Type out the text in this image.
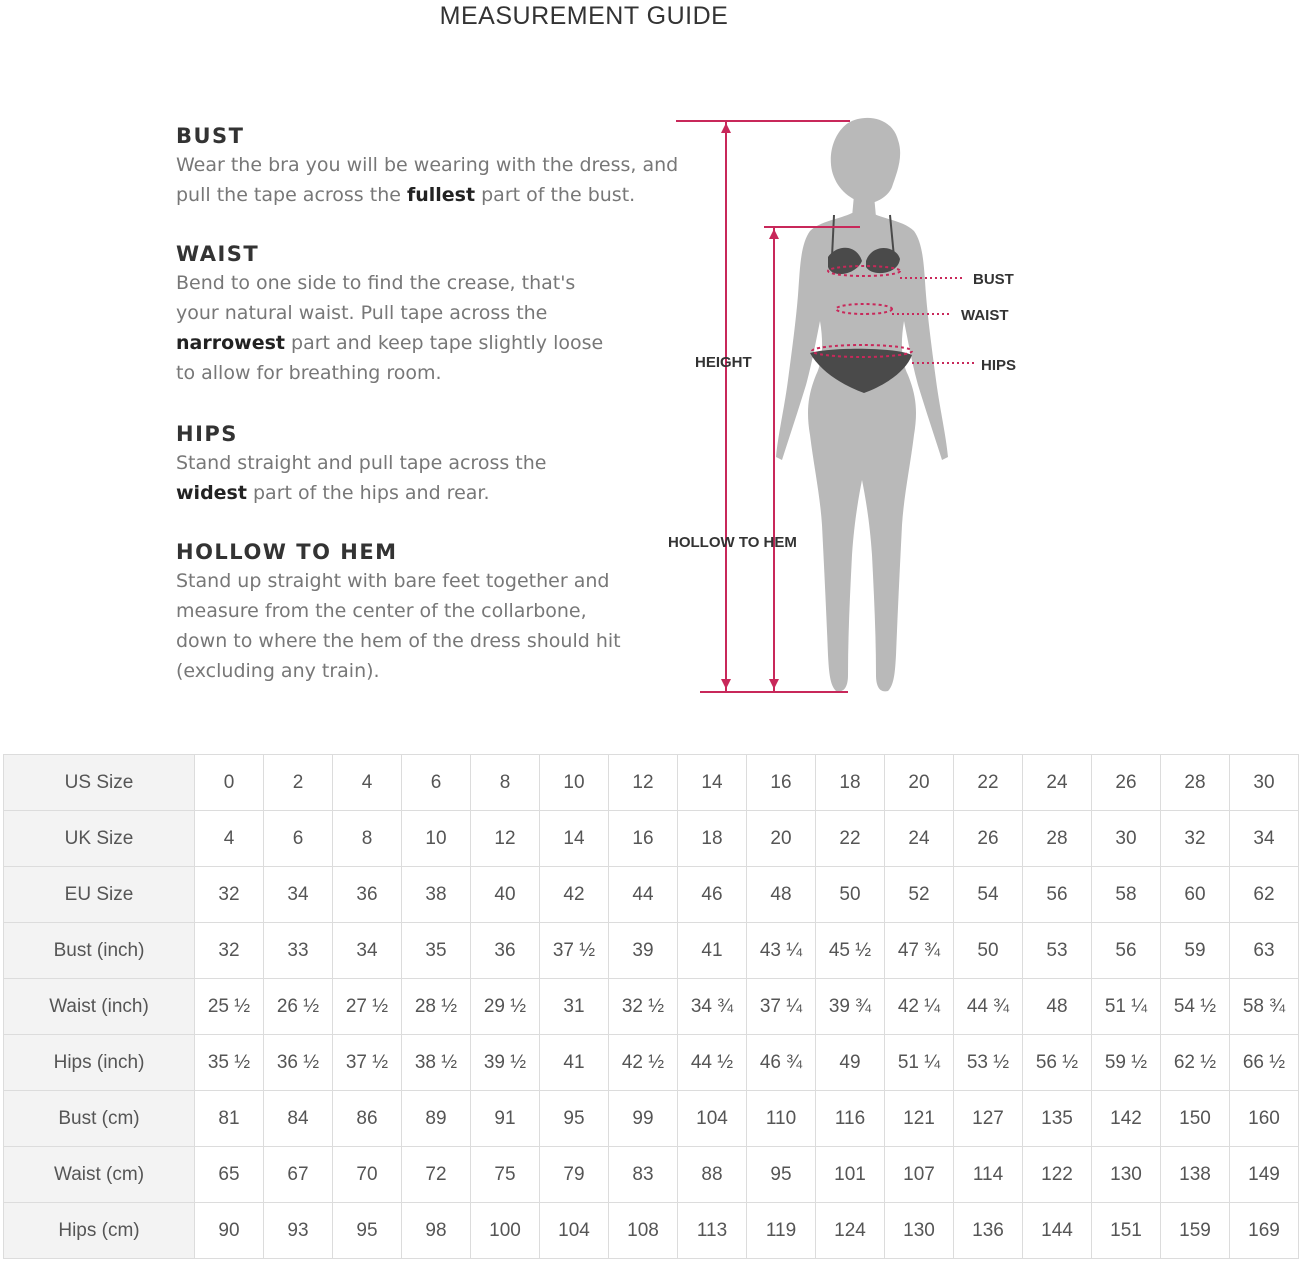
MEASUREMENT GUIDE
BUST
Wear the bra you will be wearing with the dress, and
pull the tape across the fullest part of the bust.
WAIST
Bend to one side to find the crease, that's
your natural waist. Pull tape across the
narrowest part and keep tape slightly loose
to allow for breathing room.
HIPS
Stand straight and pull tape across the
widest part of the hips and rear.
HOLLOW TO HEM
Stand up straight with bare feet together and
measure from the center of the collarbone,
down to where the hem of the dress should hit
(excluding any train).
HEIGHT
HOLLOW TO HEM
BUST
WAIST
HIPS
US Size	0	2	4	6	8	10	12	14	16	18	20	22	24	26	28	30
UK Size	4	6	8	10	12	14	16	18	20	22	24	26	28	30	32	34
EU Size	32	34	36	38	40	42	44	46	48	50	52	54	56	58	60	62
Bust (inch)	32	33	34	35	36	37 ½	39	41	43 ¼	45 ½	47 ¾	50	53	56	59	63
Waist (inch)	25 ½	26 ½	27 ½	28 ½	29 ½	31	32 ½	34 ¾	37 ¼	39 ¾	42 ¼	44 ¾	48	51 ¼	54 ½	58 ¾
Hips (inch)	35 ½	36 ½	37 ½	38 ½	39 ½	41	42 ½	44 ½	46 ¾	49	51 ¼	53 ½	56 ½	59 ½	62 ½	66 ½
Bust (cm)	81	84	86	89	91	95	99	104	110	116	121	127	135	142	150	160
Waist (cm)	65	67	70	72	75	79	83	88	95	101	107	114	122	130	138	149
Hips (cm)	90	93	95	98	100	104	108	113	119	124	130	136	144	151	159	169
